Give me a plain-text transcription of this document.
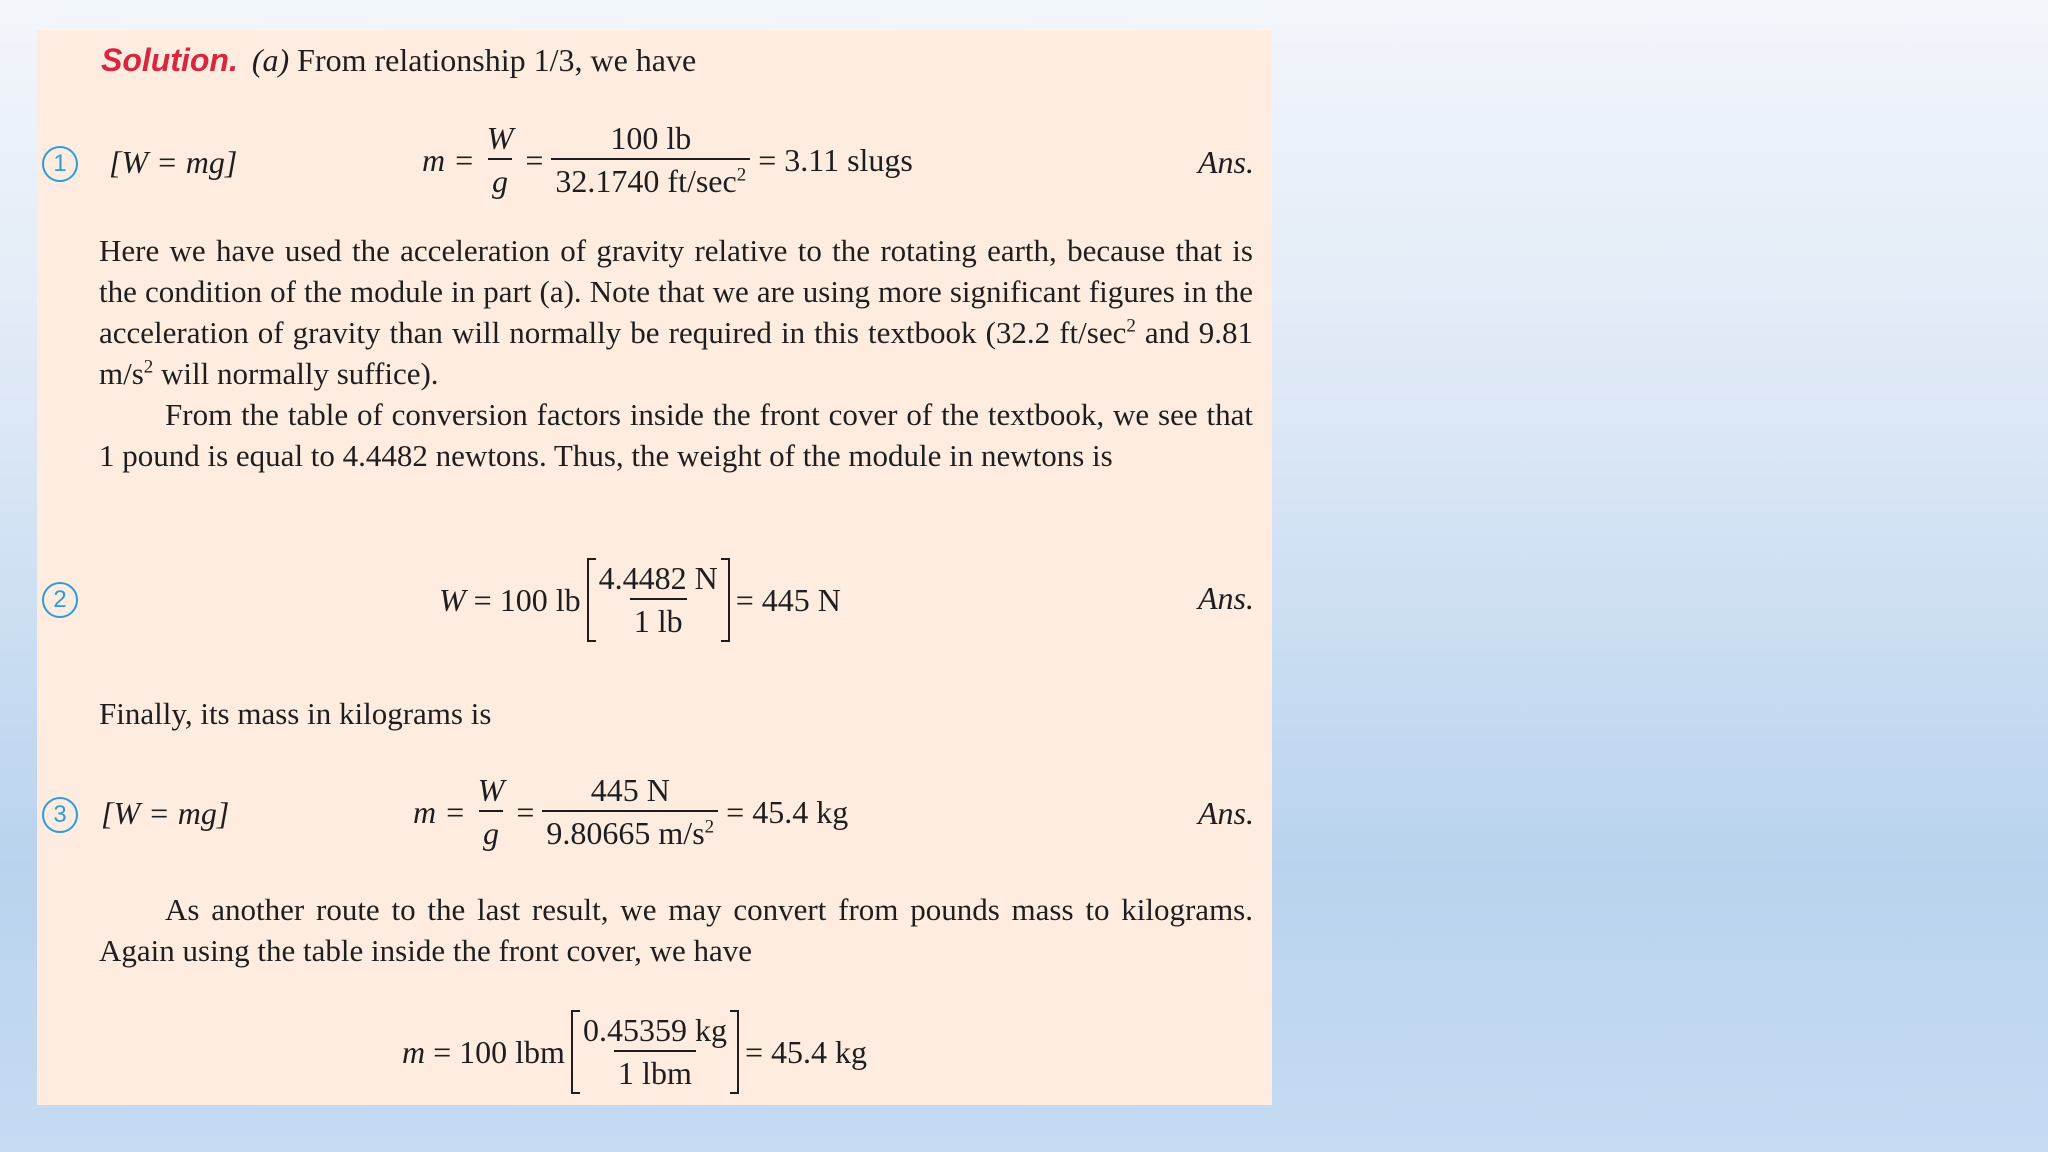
Solution. (a) From relationship 1/3, we have
1	[W = mg]	$m = \frac{W}{g} = \frac{100 lb}{32.1740 ft/\sec^2} = 3.11$ slugs	Ans.
Here we have used the acceleration of gravity relative to the rotating earth, because that is the condition of the module in part (a). Note that we are using more significant figures in the acceleration of gravity than will normally be required in this textbook (32.2 $ft/\sec^2$ and 9.81 $m/s^2$ will normally suffice).
From the table of conversion factors inside the front cover of the textbook, we see that 1 pound is equal to 4.4482 newtons. Thus, the weight of the module in newtons is
2	W = 100 lb $\frac{4.4482 N}{1 lb} = 445$ N	Ans.
Finally, its mass in kilograms is
3	[W = mg]	$m = \frac{W}{g} = \frac{445 N}{9.80665 m/s^2} = 45.4$ kg	Ans.
As another route to the last result, we may convert from pounds mass to kilograms. Again using the table inside the front cover, we have
m = 100 lbm $\frac{0.45359 kg}{\text{1 lbm}} = 45.4$ kg
